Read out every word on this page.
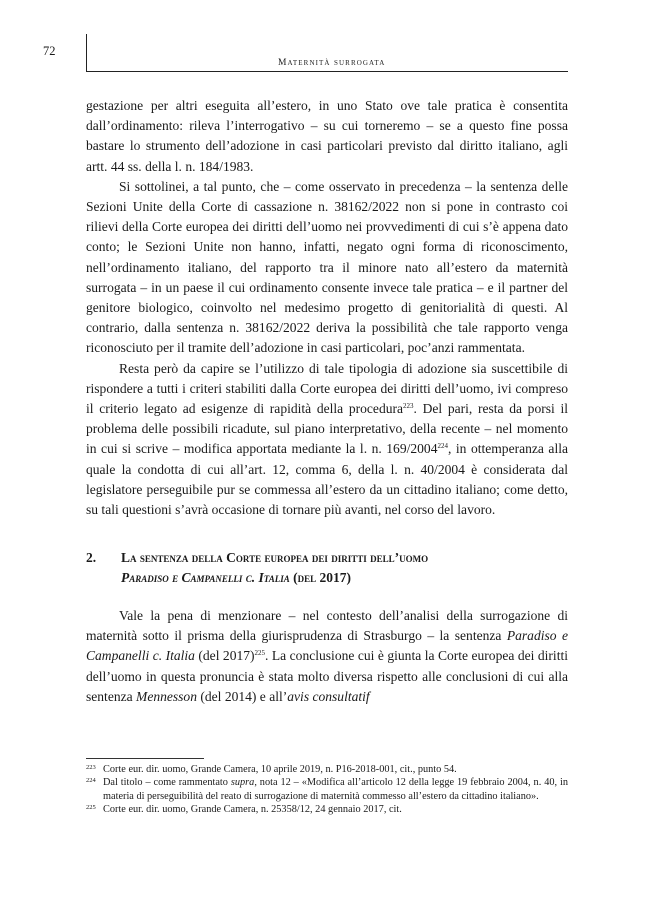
72
Maternità surrogata

gestazione per altri eseguita all’estero, in uno Stato ove tale pratica è consentita dall’ordinamento: rileva l’interrogativo – su cui torneremo – se a questo fine possa bastare lo strumento dell’adozione in casi particolari previsto dal diritto italiano, agli artt. 44 ss. della l. n. 184/1983.

Si sottolinei, a tal punto, che – come osservato in precedenza – la sentenza delle Sezioni Unite della Corte di cassazione n. 38162/2022 non si pone in contrasto coi rilievi della Corte europea dei diritti dell’uomo nei provvedimenti di cui s’è appena dato conto; le Sezioni Unite non hanno, infatti, negato ogni forma di riconoscimento, nell’ordinamento italiano, del rapporto tra il minore nato all’estero da maternità surrogata – in un paese il cui ordinamento consente invece tale pratica – e il partner del genitore biologico, coinvolto nel medesimo progetto di genitorialità di questi. Al contrario, dalla sentenza n. 38162/2022 deriva la possibilità che tale rapporto venga riconosciuto per il tramite dell’adozione in casi particolari, poc’anzi rammentata.

Resta però da capire se l’utilizzo di tale tipologia di adozione sia suscettibile di rispondere a tutti i criteri stabiliti dalla Corte europea dei diritti dell’uomo, ivi compreso il criterio legato ad esigenze di rapidità della procedura$^{223}$. Del pari, resta da porsi il problema delle possibili ricadute, sul piano interpretativo, della recente – nel momento in cui si scrive – modifica apportata mediante la l. n. 169/2004$^{224}$, in ottemperanza alla quale la condotta di cui all’art. 12, comma 6, della l. n. 40/2004 è considerata dal legislatore perseguibile pur se commessa all’estero da un cittadino italiano; come detto, su tali questioni s’avrà occasione di tornare più avanti, nel corso del lavoro.

2. La sentenza della Corte europea dei diritti dell’uomo
Paradiso e Campanelli c. Italia (del 2017)

Vale la pena di menzionare – nel contesto dell’analisi della surrogazione di maternità sotto il prisma della giurisprudenza di Strasburgo – la sentenza Paradiso e Campanelli c. Italia (del 2017)$^{225}$. La conclusione cui è giunta la Corte europea dei diritti dell’uomo in questa pronuncia è stata molto diversa rispetto alle conclusioni di cui alla sentenza Mennesson (del 2014) e all’avis consultatif

223 Corte eur. dir. uomo, Grande Camera, 10 aprile 2019, n. P16-2018-001, cit., punto 54.
224 Dal titolo – come rammentato supra, nota 12 – «Modifica all’articolo 12 della legge 19 febbraio 2004, n. 40, in materia di perseguibilità del reato di surrogazione di maternità commesso all’estero da cittadino italiano».
225 Corte eur. dir. uomo, Grande Camera, n. 25358/12, 24 gennaio 2017, cit.
